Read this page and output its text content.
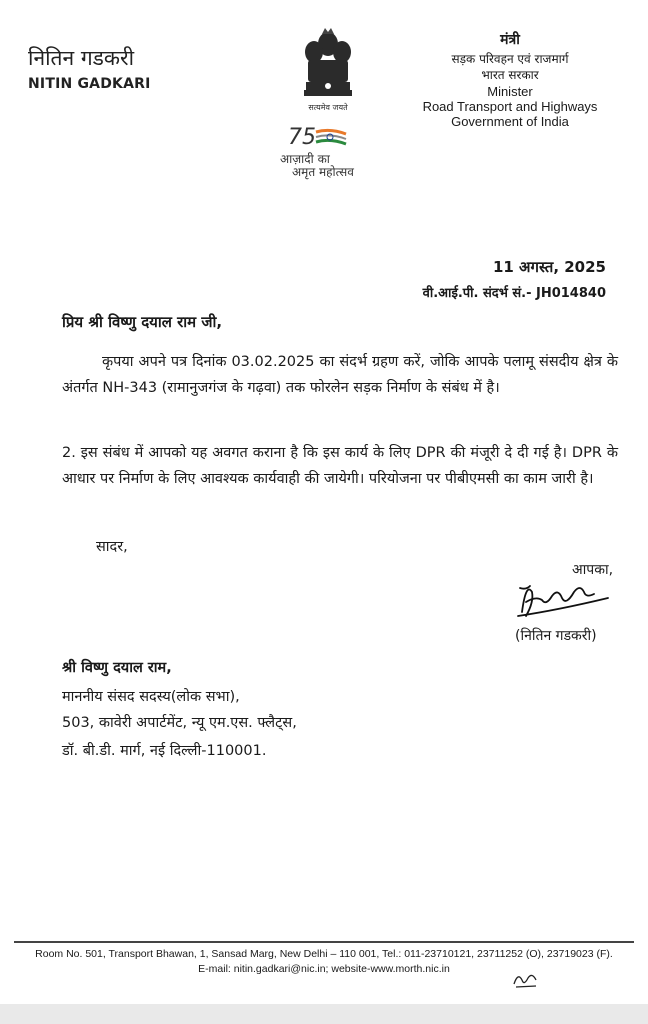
नितिन गडकरी
NITIN GADKARI
सत्यमेव जयते
75
आज़ादी का
अमृत महोत्सव
मंत्री
सड़क परिवहन एवं राजमार्ग
भारत सरकार
Minister
Road Transport and Highways
Government of India
11 अगस्त, 2025
वी.आई.पी. संदर्भ सं.- JH014840
प्रिय श्री विष्णु दयाल राम जी,
कृपया अपने पत्र दिनांक 03.02.2025 का संदर्भ ग्रहण करें, जोकि आपके पलामू संसदीय क्षेत्र के अंतर्गत NH-343 (रामानुजगंज के गढ़वा) तक फोरलेन सड़क निर्माण के संबंध में है।
2. इस संबंध में आपको यह अवगत कराना है कि इस कार्य के लिए DPR की मंजूरी दे दी गई है। DPR के आधार पर निर्माण के लिए आवश्यक कार्यवाही की जायेगी। परियोजना पर पीबीएमसी का काम जारी है।
सादर,
आपका,
(नितिन गडकरी)
श्री विष्णु दयाल राम,
माननीय संसद सदस्य(लोक सभा),
503, कावेरी अपार्टमेंट, न्यू एम.एस. फ्लैट्स,
डॉ. बी.डी. मार्ग, नई दिल्ली-110001.
Room No. 501, Transport Bhawan, 1, Sansad Marg, New Delhi – 110 001, Tel.: 011-23710121, 23711252 (O), 23719023 (F).
E-mail: nitin.gadkari@nic.in; website-www.morth.nic.in
